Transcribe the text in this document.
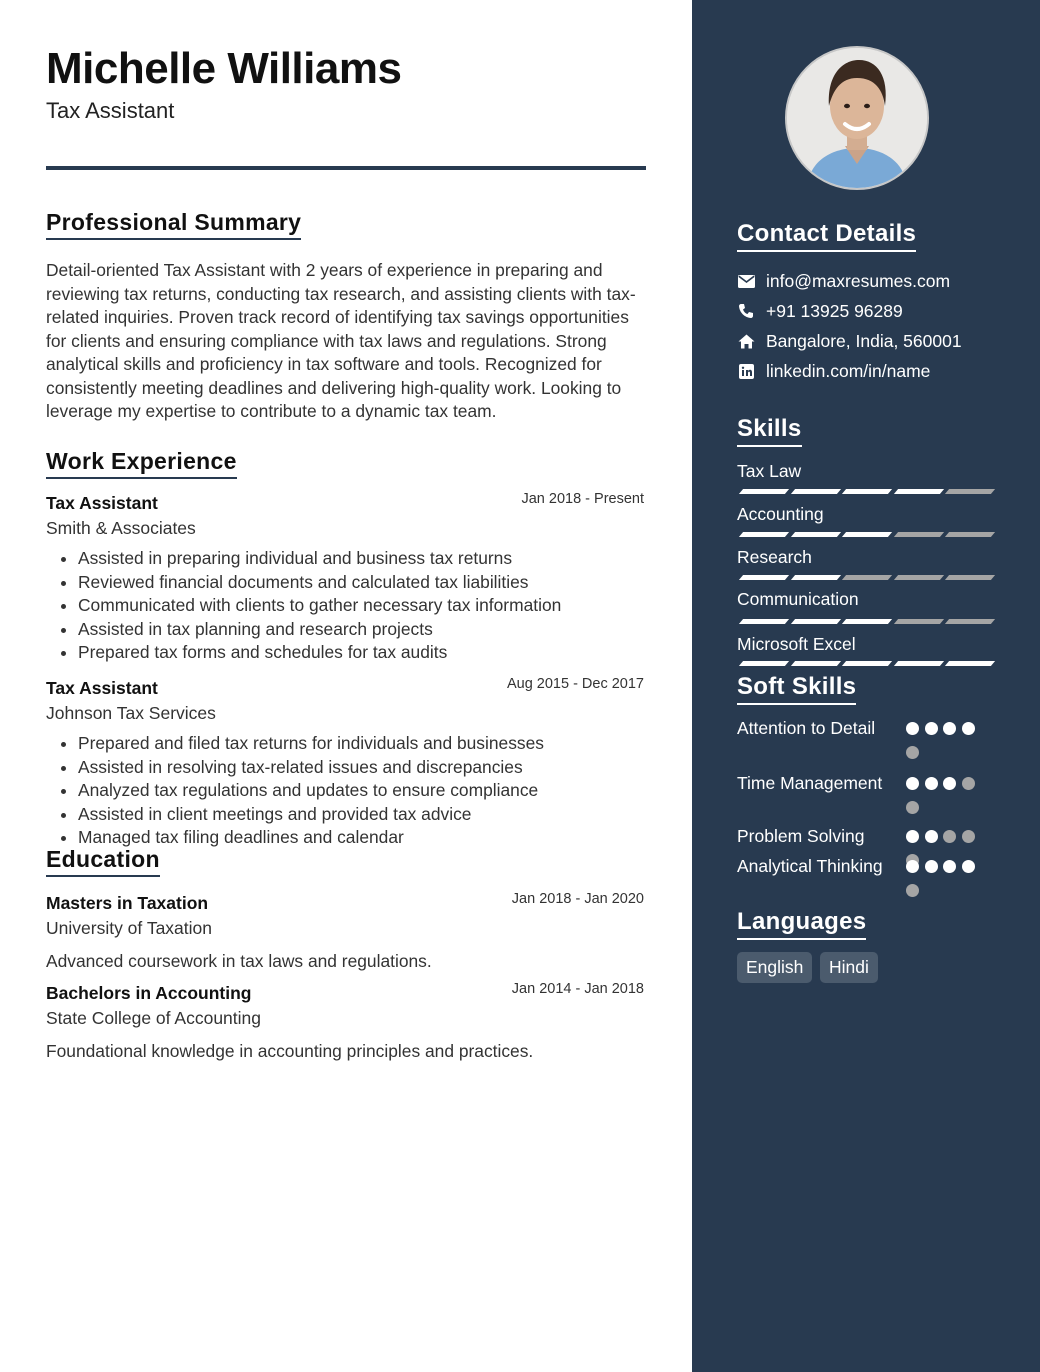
Michelle Williams
Tax Assistant
Professional Summary

Detail-oriented Tax Assistant with 2 years of experience in preparing and reviewing tax returns, conducting tax research, and assisting clients with tax-related inquiries. Proven track record of identifying tax savings opportunities for clients and ensuring compliance with tax laws and regulations. Strong analytical skills and proficiency in tax software and tools. Recognized for consistently meeting deadlines and delivering high-quality work. Looking to leverage my expertise to contribute to a dynamic tax team.

Work Experience
Tax Assistant	Jan 2018 - Present
Smith & Associates
• Assisted in preparing individual and business tax returns
• Reviewed financial documents and calculated tax liabilities
• Communicated with clients to gather necessary tax information
• Assisted in tax planning and research projects
• Prepared tax forms and schedules for tax audits
Tax Assistant	Aug 2015 - Dec 2017
Johnson Tax Services
• Prepared and filed tax returns for individuals and businesses
• Assisted in resolving tax-related issues and discrepancies
• Analyzed tax regulations and updates to ensure compliance
• Assisted in client meetings and provided tax advice
• Managed tax filing deadlines and calendar
Education
Masters in Taxation	Jan 2018 - Jan 2020
University of Taxation
Advanced coursework in tax laws and regulations.
Bachelors in Accounting	Jan 2014 - Jan 2018
State College of Accounting
Foundational knowledge in accounting principles and practices.
Contact Details
info@maxresumes.com
+91 13925 96289
Bangalore, India, 560001
linkedin.com/in/name
Skills
Tax Law
Accounting
Research
Communication
Microsoft Excel
Soft Skills
Attention to Detail
Time Management
Problem Solving
Analytical Thinking
Languages
English	Hindi
